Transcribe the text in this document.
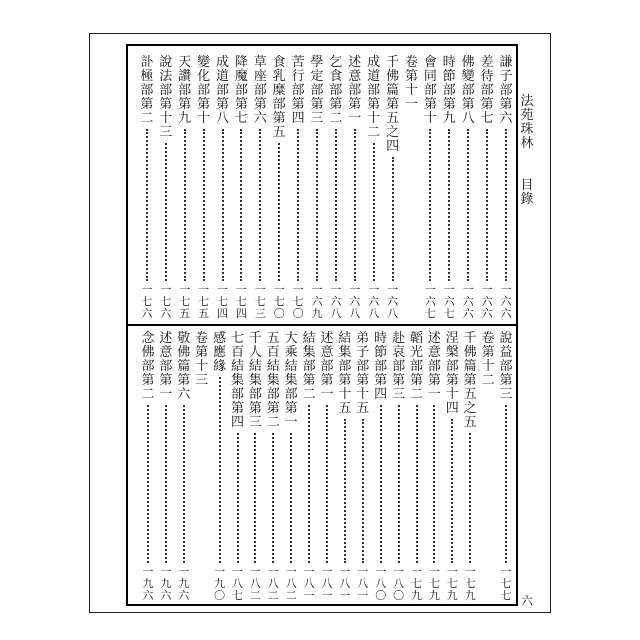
法
苑
珠
林
目
錄
謙
子
部
第
六
一
六
六
差
待
部
第
七
一
六
六
佛
變
部
第
八
一
六
六
時
節
部
第
九
一
六
七
會
同
部
第
十
一
六
七
卷
第
十
一
千
佛
篇
第
五
之
四
一
六
八
成
道
部
第
十
二
一
六
八
述
意
部
第
一
一
六
八
乞
食
部
第
二
一
六
八
學
定
部
第
三
一
六
九
苦
行
部
第
四
一
七
〇
食
乳
糜
部
第
五
一
七
〇
草
座
部
第
六
一
七
三
降
魔
部
第
七
一
七
四
成
道
部
第
八
一
七
四
變
化
部
第
十
一
七
五
天
讚
部
第
九
一
七
五
說
法
部
第
十
三
一
七
六
訃
極
部
第
二
一
七
六
說
益
部
第
三
一
七
七
卷
第
十
二
千
佛
篇
第
五
之
五
一
七
九
涅
槃
部
第
十
四
一
七
九
述
意
部
第
一
一
七
九
韜
光
部
第
二
一
七
九
赴
哀
部
第
三
一
八
〇
時
節
部
第
四
一
八
〇
弟
子
部
第
十
五
一
八
一
結
集
部
第
十
五
一
八
一
述
意
部
第
一
一
八
一
結
集
部
第
二
一
八
一
大
乘
結
集
部
第
一
一
八
二
五
百
結
集
部
第
二
一
八
二
千
人
結
集
部
第
三
一
八
二
七
百
結
集
部
第
四
一
八
七
感
應
緣
一
九
〇
卷
第
十
三
敬
佛
篇
第
六
一
九
六
述
意
部
第
一
一
九
六
念
佛
部
第
二
一
九
六	六
